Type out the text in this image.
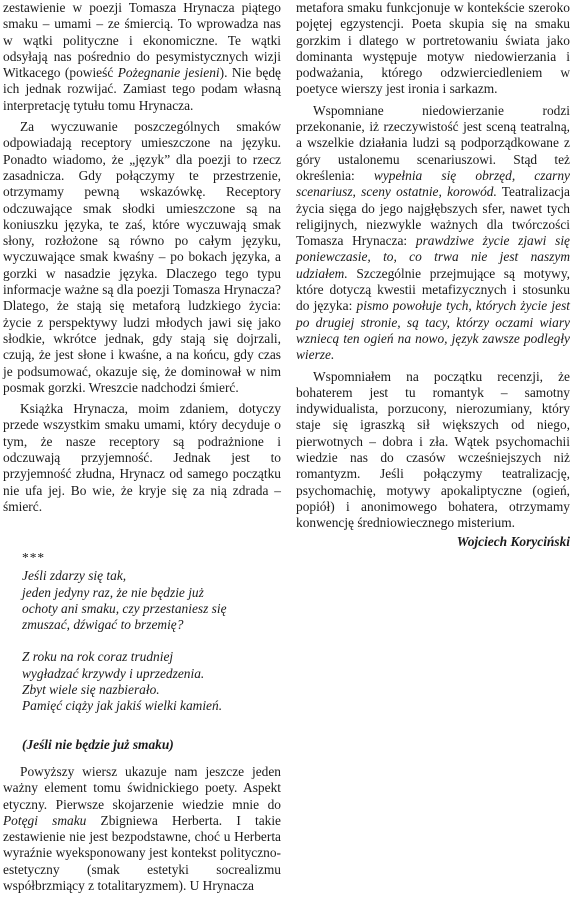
zestawienie w poezji Tomasza Hrynacza piątego smaku – umami – ze śmiercią. To wprowadza nas w wątki polityczne i ekonomiczne. Te wątki odsyłają nas pośrednio do pesymistycznych wizji Witkacego (powieść Pożegnanie jesieni). Nie będę ich jednak rozwijać. Zamiast tego podam własną interpretację tytułu tomu Hrynacza.

Za wyczuwanie poszczególnych smaków odpowiadają receptory umieszczone na języku. Ponadto wiadomo, że „język” dla poezji to rzecz zasadnicza. Gdy połączymy te przestrzenie, otrzymamy pewną wskazówkę. Receptory odczuwające smak słodki umieszczone są na koniuszku języka, te zaś, które wyczuwają smak słony, rozłożone są równo po całym języku, wyczuwające smak kwaśny – po bokach języka, a gorzki w nasadzie języka. Dlaczego tego typu informacje ważne są dla poezji Tomasza Hrynacza? Dlatego, że stają się metaforą ludzkiego życia: życie z perspektywy ludzi młodych jawi się jako słodkie, wkrótce jednak, gdy stają się dojrzali, czują, że jest słone i kwaśne, a na końcu, gdy czas je podsumować, okazuje się, że dominował w nim posmak gorzki. Wreszcie nadchodzi śmierć.

Książka Hrynacza, moim zdaniem, dotyczy przede wszystkim smaku umami, który decyduje o tym, że nasze receptory są podrażnione i odczuwają przyjemność. Jednak jest to przyjemność złudna, Hrynacz od samego początku nie ufa jej. Bo wie, że kryje się za nią zdrada – śmierć.

metafora smaku funkcjonuje w kontekście szeroko pojętej egzystencji. Poeta skupia się na smaku gorzkim i dlatego w portretowaniu świata jako dominanta występuje motyw niedowierzania i podważania, którego odzwierciedleniem w poetyce wierszy jest ironia i sarkazm.

Wspomniane niedowierzanie rodzi przekonanie, iż rzeczywistość jest sceną teatralną, a wszelkie działania ludzi są podporządkowane z góry ustalonemu scenariuszowi. Stąd też określenia: wypełnia się obrzęd, czarny scenariusz, sceny ostatnie, korowód. Teatralizacja życia sięga do jego najgłębszych sfer, nawet tych religijnych, niezwykle ważnych dla twórczości Tomasza Hrynacza: prawdziwe życie zjawi się poniewczasie, to, co trwa nie jest naszym udziałem. Szczególnie przejmujące są motywy, które dotyczą kwestii metafizycznych i stosunku do języka: pismo powołuje tych, których życie jest po drugiej stronie, są tacy, którzy oczami wiary wzniecą ten ogień na nowo, język zawsze podległy wierze.

Wspomniałem na początku recenzji, że bohaterem jest tu romantyk – samotny indywidualista, porzucony, nierozumiany, który staje się igraszką sił większych od niego, pierwotnych – dobra i zła. Wątek psychomachii wiedzie nas do czasów wcześniejszych niż romantyzm. Jeśli połączymy teatralizację, psychomachię, motywy apokaliptyczne (ogień, popiół) i anonimowego bohatera, otrzymamy konwencję średniowiecznego misterium.

Wojciech Koryciński
***
Jeśli zdarzy się tak,
jeden jedyny raz, że nie będzie już
ochoty ani smaku, czy przestaniesz się
zmuszać, dźwigać to brzemię?
Z roku na rok coraz trudniej
wygładzać krzywdy i uprzedzenia.
Zbyt wiele się nazbierało.
Pamięć ciąży jak jakiś wielki kamień.
(Jeśli nie będzie już smaku)

Powyższy wiersz ukazuje nam jeszcze jeden ważny element tomu świdnickiego poety. Aspekt etyczny. Pierwsze skojarzenie wiedzie mnie do Potęgi smaku Zbigniewa Herberta. I takie zestawienie nie jest bezpodstawne, choć u Herberta wyraźnie wyeksponowany jest kontekst polityczno-estetyczny (smak estetyki socrealizmu współbrzmiący z totalitaryzmem). U Hrynacza
